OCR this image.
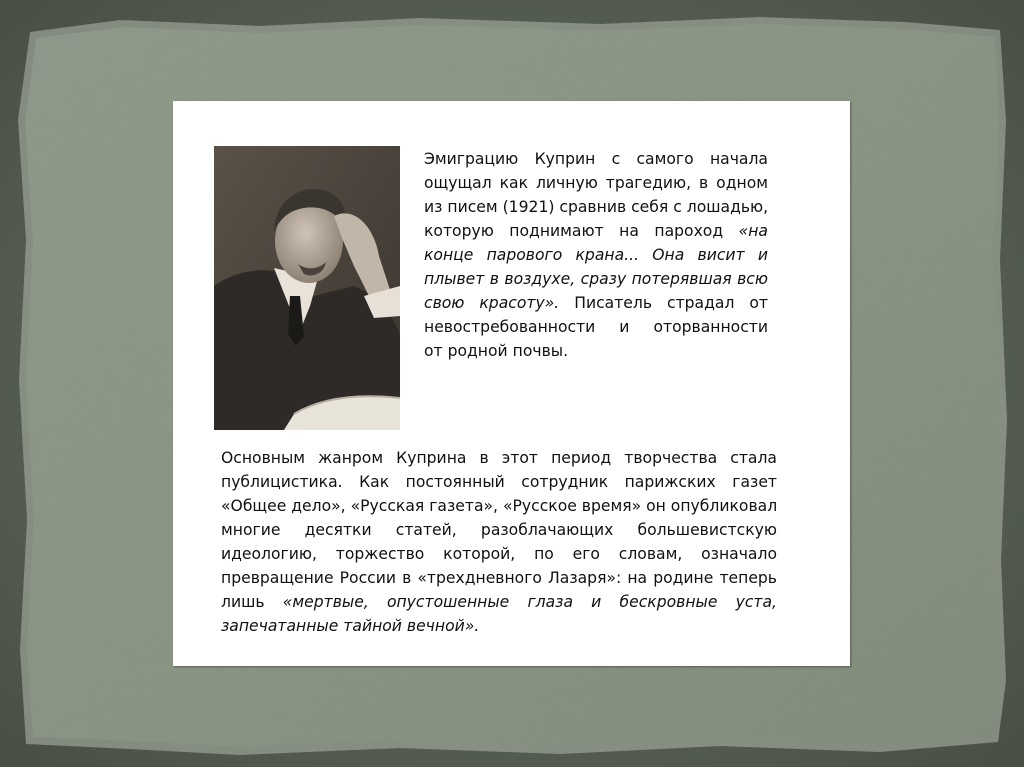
Эмиграцию Куприн с самого начала
ощущал как личную трагедию, в одном
из писем (1921) сравнив себя с лошадью,
которую поднимают на пароход «на
конце парового крана... Она висит и
плывет в воздухе, сразу потерявшая всю
свою красоту». Писатель страдал от
невостребованности и оторванности
от родной почвы.
Основным жанром Куприна в этот период творчества стала
публицистика. Как постоянный сотрудник парижских газет
«Общее дело», «Русская газета», «Русское время» он опубликовал
многие десятки статей, разоблачающих большевистскую
идеологию, торжество которой, по его словам, означало
превращение России в «трехдневного Лазаря»: на родине теперь
лишь «мертвые, опустошенные глаза и бескровные уста,
запечатанные тайной вечной».
